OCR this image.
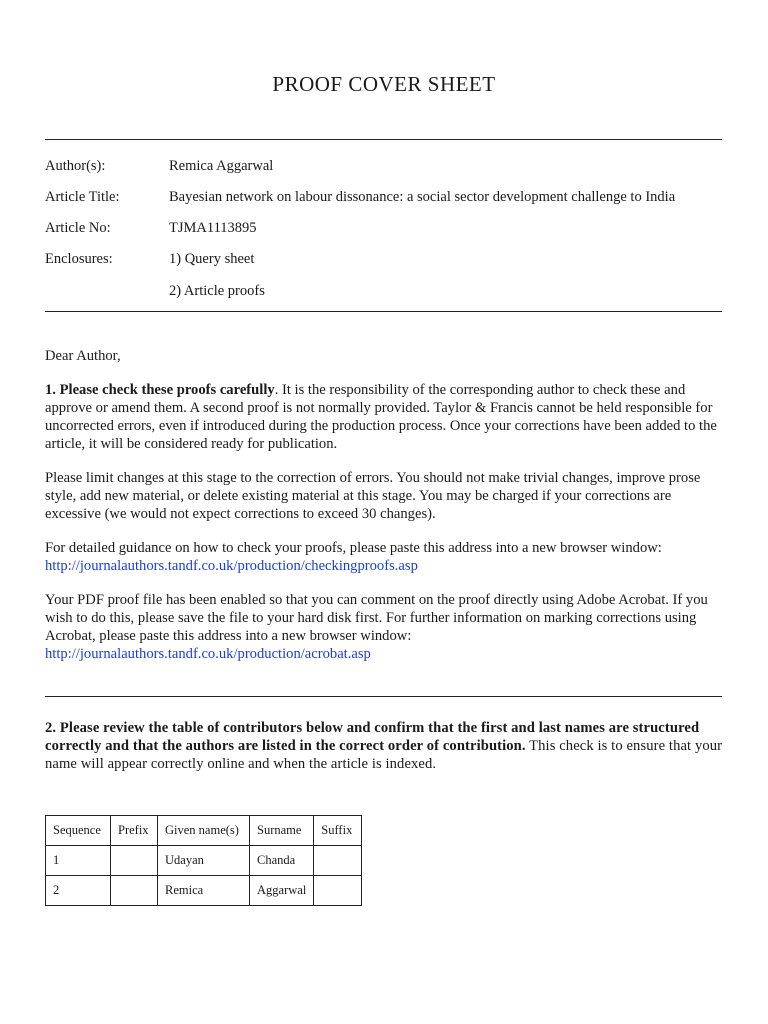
PROOF COVER SHEET
Author(s):	Remica Aggarwal
Article Title:	Bayesian network on labour dissonance: a social sector development challenge to India
Article No:	TJMA1113895
Enclosures:	1) Query sheet
2) Article proofs
Dear Author,

1. Please check these proofs carefully. It is the responsibility of the corresponding author to check these and approve or amend them. A second proof is not normally provided. Taylor & Francis cannot be held responsible for uncorrected errors, even if introduced during the production process. Once your corrections have been added to the article, it will be considered ready for publication.

Please limit changes at this stage to the correction of errors. You should not make trivial changes, improve prose style, add new material, or delete existing material at this stage. You may be charged if your corrections are excessive (we would not expect corrections to exceed 30 changes).

For detailed guidance on how to check your proofs, please paste this address into a new browser window: http://journalauthors.tandf.co.uk/production/checkingproofs.asp

Your PDF proof file has been enabled so that you can comment on the proof directly using Adobe Acrobat. If you wish to do this, please save the file to your hard disk first. For further information on marking corrections using Acrobat, please paste this address into a new browser window: http://journalauthors.tandf.co.uk/production/acrobat.asp

2. Please review the table of contributors below and confirm that the first and last names are structured correctly and that the authors are listed in the correct order of contribution. This check is to ensure that your name will appear correctly online and when the article is indexed.

Sequence	Prefix	Given name(s)	Surname	Suffix
1		Udayan	Chanda	
2		Remica	Aggarwal	
